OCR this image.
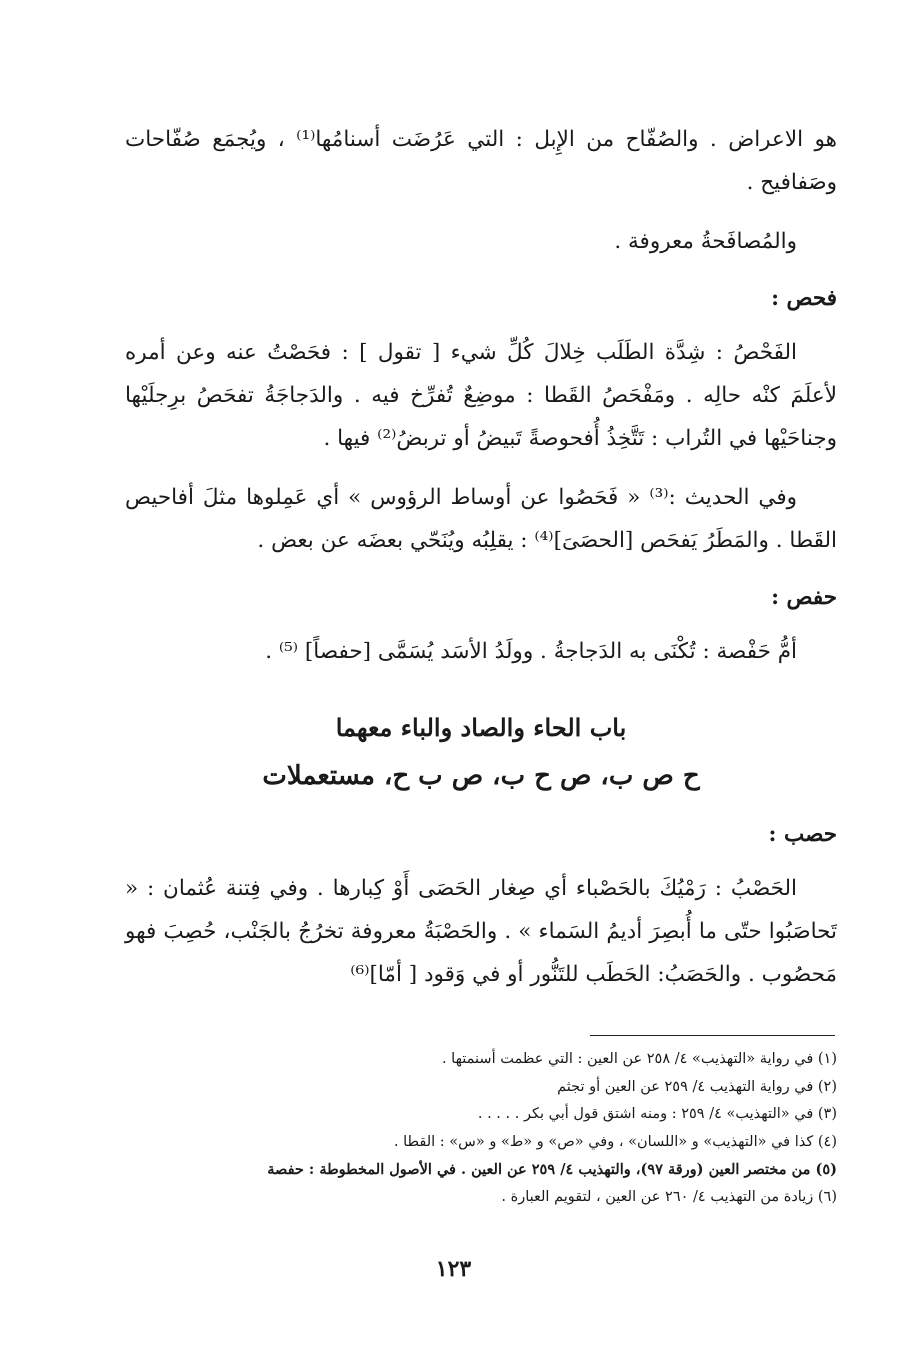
هو الاعراض . والصُفّاح من الإِبل : التي عَرُضَت أسنامُها⁽¹⁾ ، ويُجمَع صُفّاحات وصَفافيح .

والمُصافَحةُ معروفة .

فحص :

الفَحْصُ : شِدَّة الطَلَب خِلالَ كُلِّ شيء [ تقول ] : فحَصْتُ عنه وعن أمره لأعلَمَ كنْه حالِه . ومَفْحَصُ القَطا : موضِعٌ تُفرِّخ فيه . والدَجاجَةُ تفحَصُ برِجلَيْها وجناحَيْها في التُراب : تَتَّخِذُ أُفحوصةً تَبيضُ أو تربضُ⁽²⁾ فيها .

وفي الحديث :⁽³⁾ « فَحَصُوا عن أوساط الرؤوس » أي عَمِلوها مثلَ أفاحيص القَطا . والمَطَرُ يَفحَص [الحصَىَ]⁽⁴⁾ : يقلِبُه ويُنَحّي بعضَه عن بعض .

حفص :

أمُّ حَفْصة : تُكْنَى به الدَجاجةُ . وولَدُ الأسَد يُسَمَّى [حفصاً] ⁽⁵⁾ .

باب الحاء والصاد والباء معهما
ح ص ب، ص ح ب، ص ب ح، مستعملات

حصب :

الحَصْبُ : رَمْيُكَ بالحَصْباء أي صِغار الحَصَى أَوْ كِبارها . وفي فِتنة عُثمان : « تَحاصَبُوا حتّى ما أُبصِرَ أديمُ السَماء » . والحَصْبَةُ معروفة تخرُجُ بالجَنْب، حُصِبَ فهو مَحصُوب . والحَصَبُ: الحَطَب للتَنُّور أو في وَقود [ أمّا]⁽⁶⁾

(١) في رواية «التهذيب» ٤/ ٢٥٨ عن العين : التي عظمت أسنمتها .
(٢) في رواية التهذيب ٤/ ٢٥٩ عن العين أو تجثم
(٣) في «التهذيب» ٤/ ٢٥٩ : ومنه اشتق قول أبي بكر . . . . .
(٤) كذا في «التهذيب» و «اللسان» ، وفي «ص» و «ط» و «س» : القطا .
(٥) من مختصر العين (ورقة ٩٧)، والتهذيب ٤/ ٢٥٩ عن العين . في الأصول المخطوطة : حفصة
(٦) زيادة من التهذيب ٤/ ٢٦٠ عن العين ، لتقويم العبارة .
١٢٣
